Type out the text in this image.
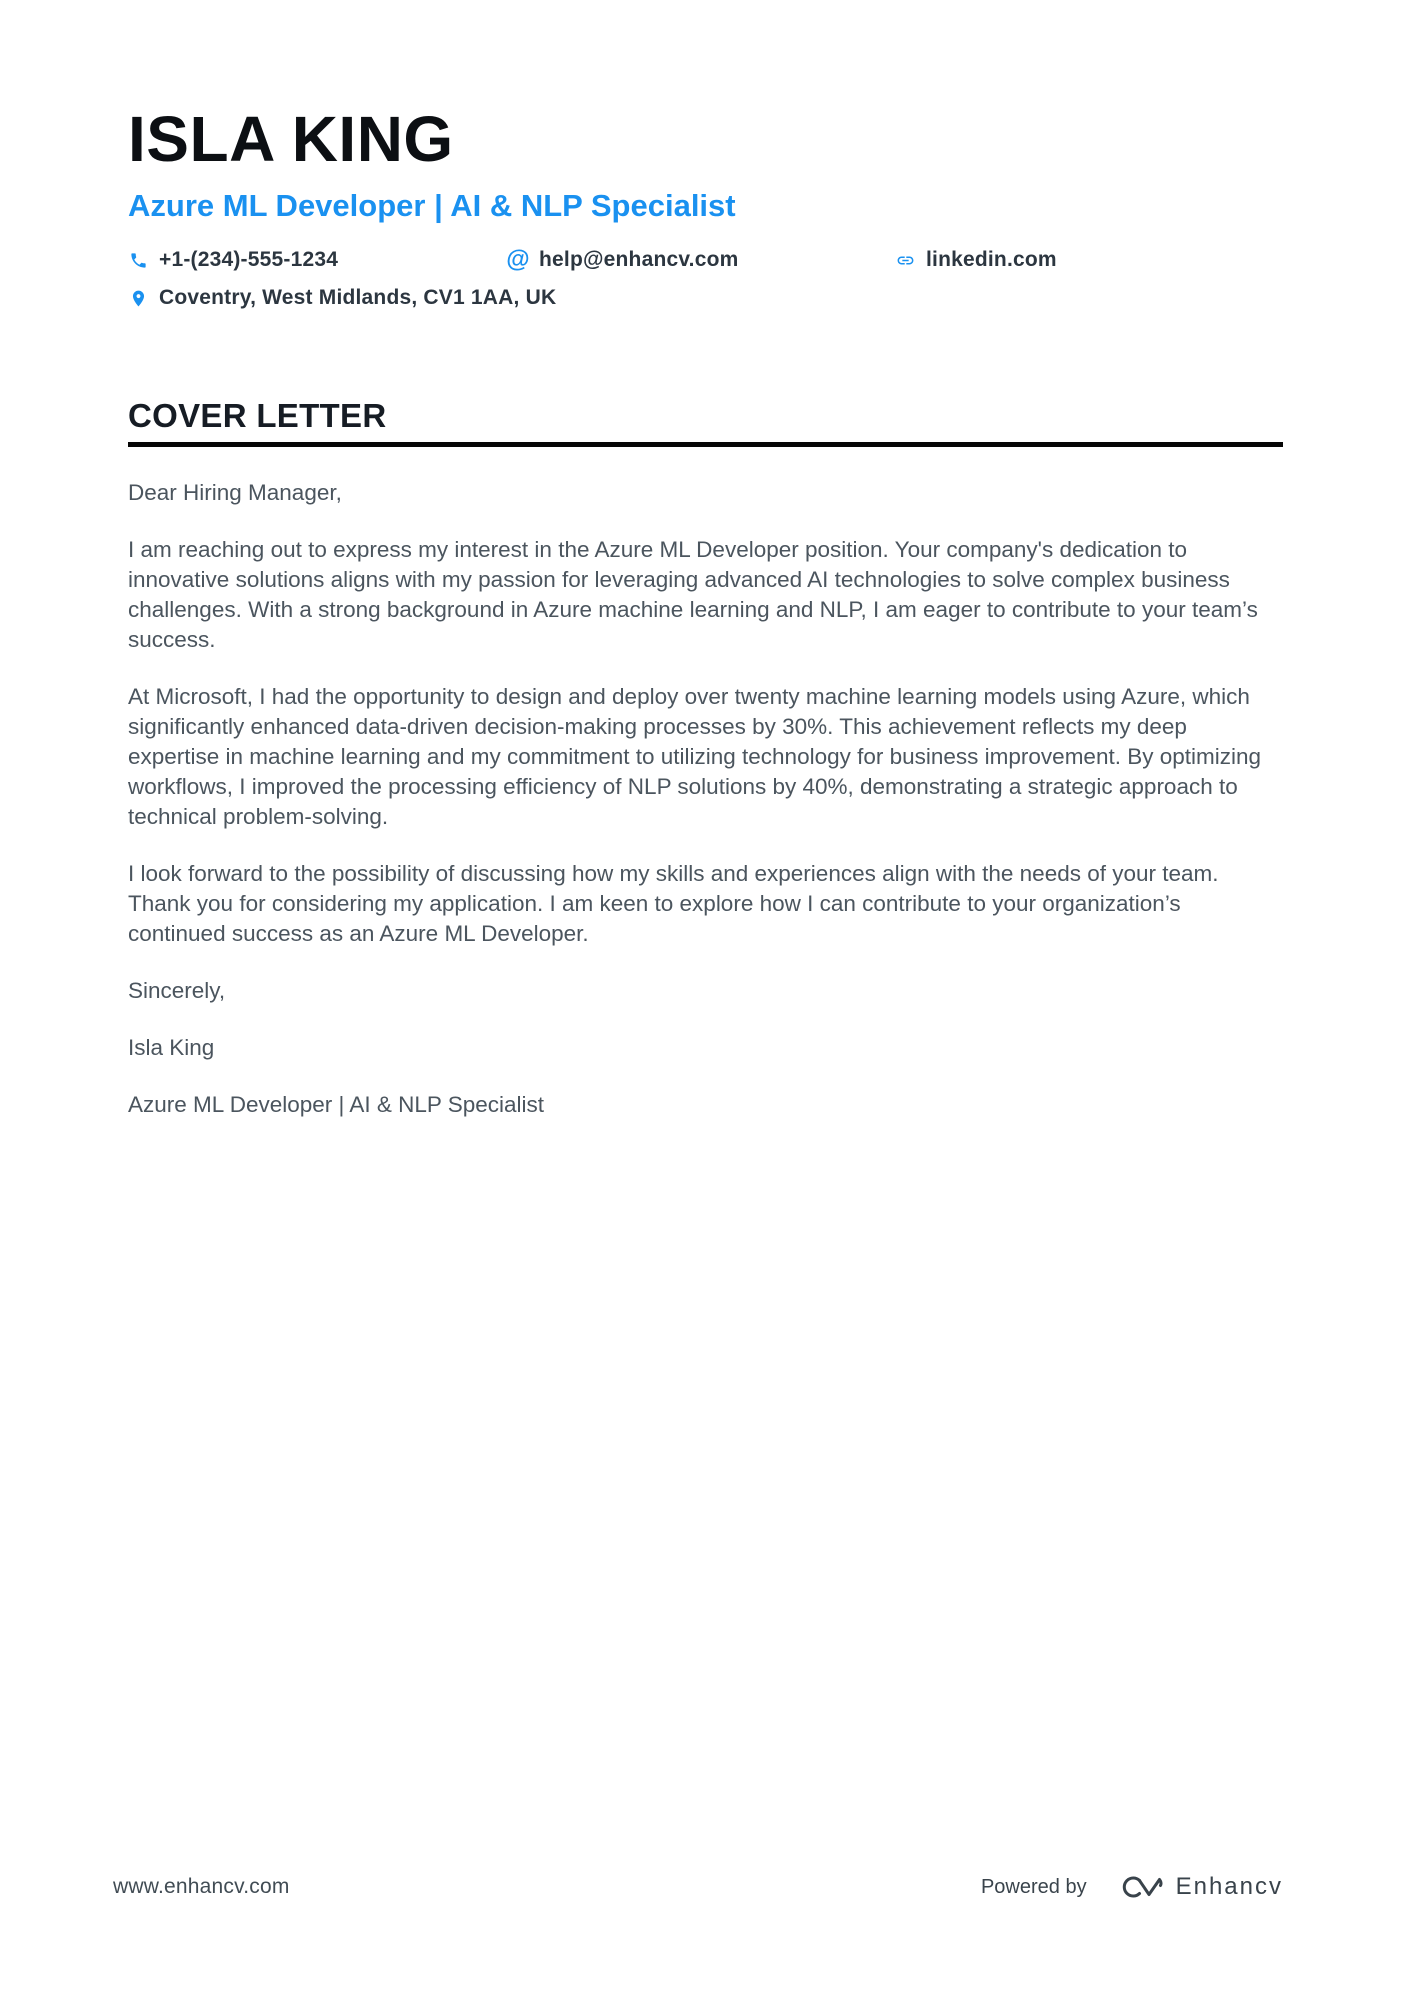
ISLA KING
Azure ML Developer | AI & NLP Specialist
+1-(234)-555-1234	@ help@enhancv.com	linkedin.com
Coventry, West Midlands, CV1 1AA, UK
COVER LETTER

Dear Hiring Manager,

I am reaching out to express my interest in the Azure ML Developer position. Your company's dedication to innovative solutions aligns with my passion for leveraging advanced AI technologies to solve complex business challenges. With a strong background in Azure machine learning and NLP, I am eager to contribute to your team’s success.

At Microsoft, I had the opportunity to design and deploy over twenty machine learning models using Azure, which significantly enhanced data-driven decision-making processes by 30%. This achievement reflects my deep expertise in machine learning and my commitment to utilizing technology for business improvement. By optimizing workflows, I improved the processing efficiency of NLP solutions by 40%, demonstrating a strategic approach to technical problem-solving.

I look forward to the possibility of discussing how my skills and experiences align with the needs of your team. Thank you for considering my application. I am keen to explore how I can contribute to your organization’s continued success as an Azure ML Developer.

Sincerely,

Isla King

Azure ML Developer | AI & NLP Specialist

www.enhancv.com	Powered by	Enhancv
